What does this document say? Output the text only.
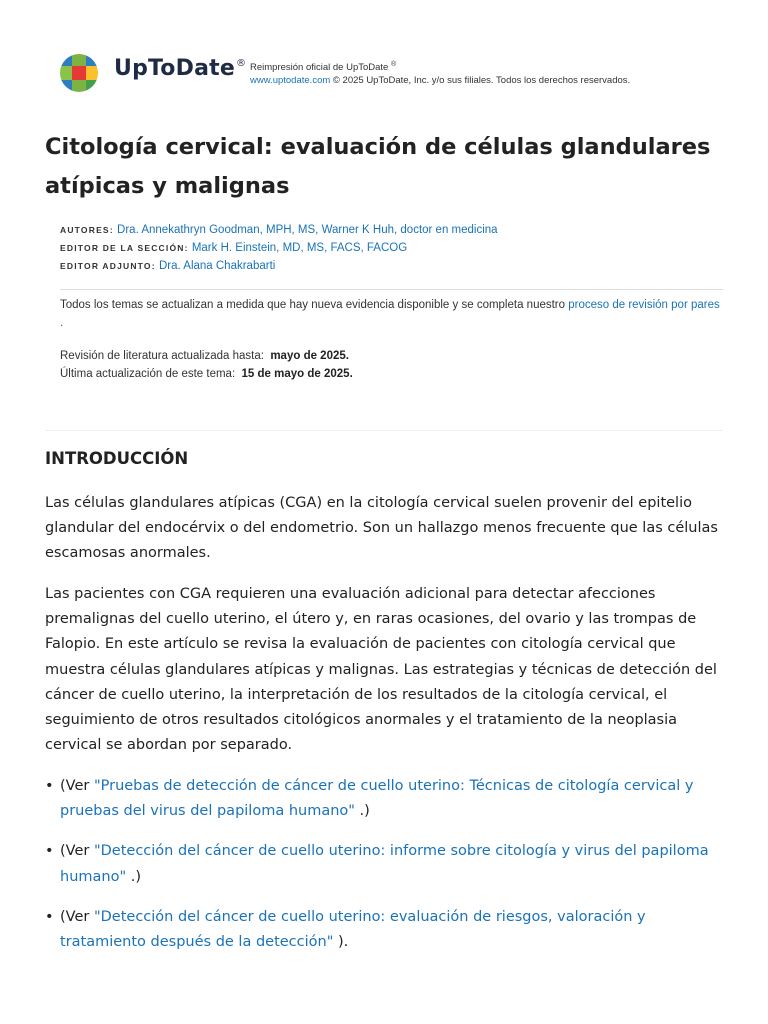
UpToDate® Reimpresión oficial de UpToDate ®
www.uptodate.com © 2025 UpToDate, Inc. y/o sus filiales. Todos los derechos reservados.
Citología cervical: evaluación de células glandulares atípicas y malignas
AUTORES: Dra. Annekathryn Goodman, MPH, MS, Warner K Huh, doctor en medicina
EDITOR DE LA SECCIÓN: Mark H. Einstein, MD, MS, FACS, FACOG
EDITOR ADJUNTO: Dra. Alana Chakrabarti
Todos los temas se actualizan a medida que hay nueva evidencia disponible y se completa nuestro proceso de revisión por pares .
Revisión de literatura actualizada hasta: mayo de 2025.
Última actualización de este tema: 15 de mayo de 2025.
INTRODUCCIÓN

Las células glandulares atípicas (CGA) en la citología cervical suelen provenir del epitelio glandular del endocérvix o del endometrio. Son un hallazgo menos frecuente que las células escamosas anormales.

Las pacientes con CGA requieren una evaluación adicional para detectar afecciones premalignas del cuello uterino, el útero y, en raras ocasiones, del ovario y las trompas de Falopio. En este artículo se revisa la evaluación de pacientes con citología cervical que muestra células glandulares atípicas y malignas. Las estrategias y técnicas de detección del cáncer de cuello uterino, la interpretación de los resultados de la citología cervical, el seguimiento de otros resultados citológicos anormales y el tratamiento de la neoplasia cervical se abordan por separado.

• (Ver "Pruebas de detección de cáncer de cuello uterino: Técnicas de citología cervical y pruebas del virus del papiloma humano" .)
• (Ver "Detección del cáncer de cuello uterino: informe sobre citología y virus del papiloma humano" .)
• (Ver "Detección del cáncer de cuello uterino: evaluación de riesgos, valoración y tratamiento después de la detección" ).
